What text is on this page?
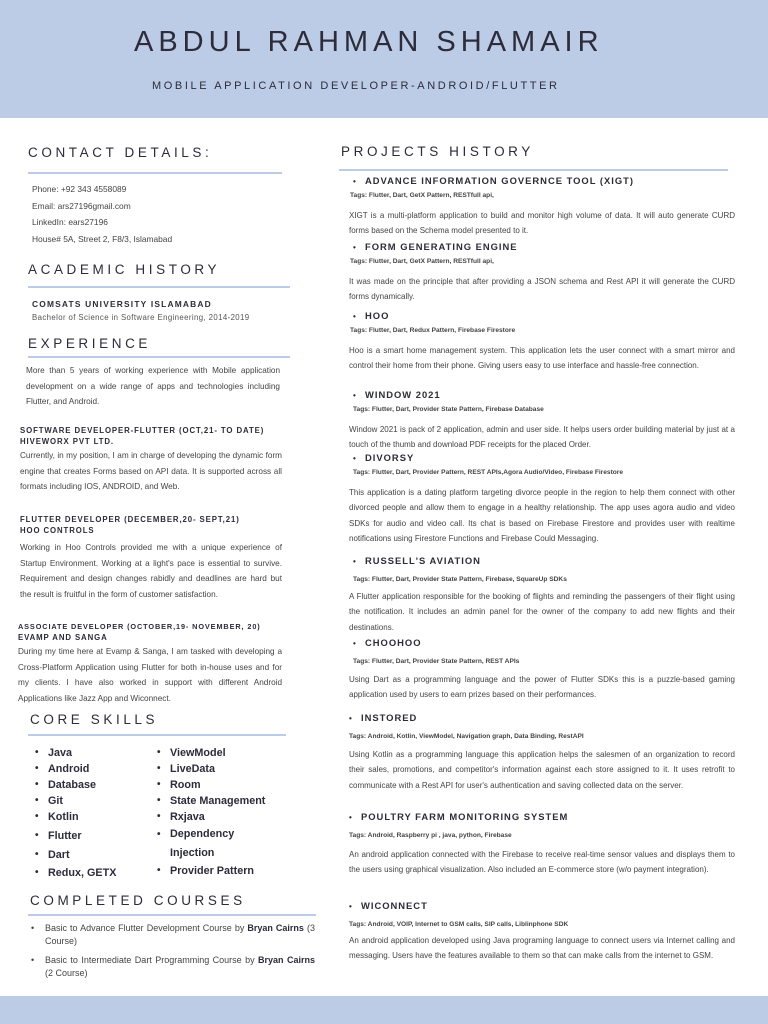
ABDUL RAHMAN SHAMAIR
MOBILE APPLICATION DEVELOPER-ANDROID/FLUTTER
CONTACT DETAILS:
Phone: +92 343 4558089
Email: ars27196gmail.com
LinkedIn: ears27196
House# 5A, Street 2, F8/3, Islamabad
ACADEMIC HISTORY
COMSATS UNIVERSITY ISLAMABAD
Bachelor of Science in Software Engineering, 2014-2019
EXPERIENCE
More than 5 years of working experience with Mobile application development on a wide range of apps and technologies including Flutter, and Android.
SOFTWARE DEVELOPER-FLUTTER (OCT,21- TO DATE)
HIVEWORX PVT LTD.
Currently, in my position, I am in charge of developing the dynamic form engine that creates Forms based on API data. It is supported across all formats including IOS, ANDROID, and Web.
FLUTTER DEVELOPER (DECEMBER,20- SEPT,21)
HOO CONTROLS
Working in Hoo Controls provided me with a unique experience of Startup Environment. Working at a light's pace is essential to survive. Requirement and design changes rabidly and deadlines are hard but the result is fruitful in the form of customer satisfaction.
ASSOCIATE DEVELOPER (OCTOBER,19- NOVEMBER, 20)
EVAMP AND SANGA
During my time here at Evamp & Sanga, I am tasked with developing a Cross-Platform Application using Flutter for both in-house uses and for my clients. I have also worked in support with different Android Applications like Jazz App and Wiconnect.
CORE SKILLS
• Java
• Android
• Database
• Git
• Kotlin
• Flutter
• Dart
• Redux, GETX
• ViewModel
• LiveData
• Room
• State Management
• Rxjava
• Dependency Injection
• Provider Pattern
COMPLETED COURSES
• Basic to Advance Flutter Development Course by Bryan Cairns (3 Course)
• Basic to Intermediate Dart Programming Course by Bryan Cairns (2 Course)
PROJECTS HISTORY
• ADVANCE INFORMATION GOVERNCE TOOL (XIGT)
Tags: Flutter, Dart, GetX Pattern, RESTfull api,
XIGT is a multi-platform application to build and monitor high volume of data. It will auto generate CURD forms based on the Schema model presented to it.
• FORM GENERATING ENGINE
Tags: Flutter, Dart, GetX Pattern, RESTfull api,
It was made on the principle that after providing a JSON schema and Rest API it will generate the CURD forms dynamically.
• HOO
Tags: Flutter, Dart, Redux Pattern, Firebase Firestore
Hoo is a smart home management system. This application lets the user connect with a smart mirror and control their home from their phone. Giving users easy to use interface and hassle-free connection.
• WINDOW 2021
Tags: Flutter, Dart, Provider State Pattern, Firebase Database
Window 2021 is pack of 2 application, admin and user side. It helps users order building material by just at a touch of the thumb and download PDF receipts for the placed Order.
• DIVORSY
Tags: Flutter, Dart, Provider Pattern, REST APIs,Agora Audio/Video, Firebase Firestore
This application is a dating platform targeting divorce people in the region to help them connect with other divorced people and allow them to engage in a healthy relationship. The app uses agora audio and video SDKs for audio and video call. Its chat is based on Firebase Firestore and provides user with realtime notifications using Firestore Functions and Firebase Could Messaging.
• RUSSELL'S AVIATION
Tags: Flutter, Dart, Provider State Pattern, Firebase, SquareUp SDKs
A Flutter application responsible for the booking of flights and reminding the passengers of their flight using the notification. It includes an admin panel for the owner of the company to add new flights and their destinations.
• CHOOHOO
Tags: Flutter, Dart, Provider State Pattern, REST APIs
Using Dart as a programming language and the power of Flutter SDKs this is a puzzle-based gaming application used by users to earn prizes based on their performances.
• INSTORED
Tags: Android, Kotlin, ViewModel, Navigation graph, Data Binding, RestAPI
Using Kotlin as a programming language this application helps the salesmen of an organization to record their sales, promotions, and competitor's information against each store assigned to it. It uses retrofit to communicate with a Rest API for user's authentication and saving collected data on the server.
• POULTRY FARM MONITORING SYSTEM
Tags: Android, Raspberry pi , java, python, Firebase
An android application connected with the Firebase to receive real-time sensor values and displays them to the users using graphical visualization. Also included an E-commerce store (w/o payment integration).
• WICONNECT
Tags: Android, VOIP, Internet to GSM calls, SIP calls, Liblinphone SDK
An android application developed using Java programing language to connect users via Internet calling and messaging. Users have the features available to them so that can make calls from the internet to GSM.
